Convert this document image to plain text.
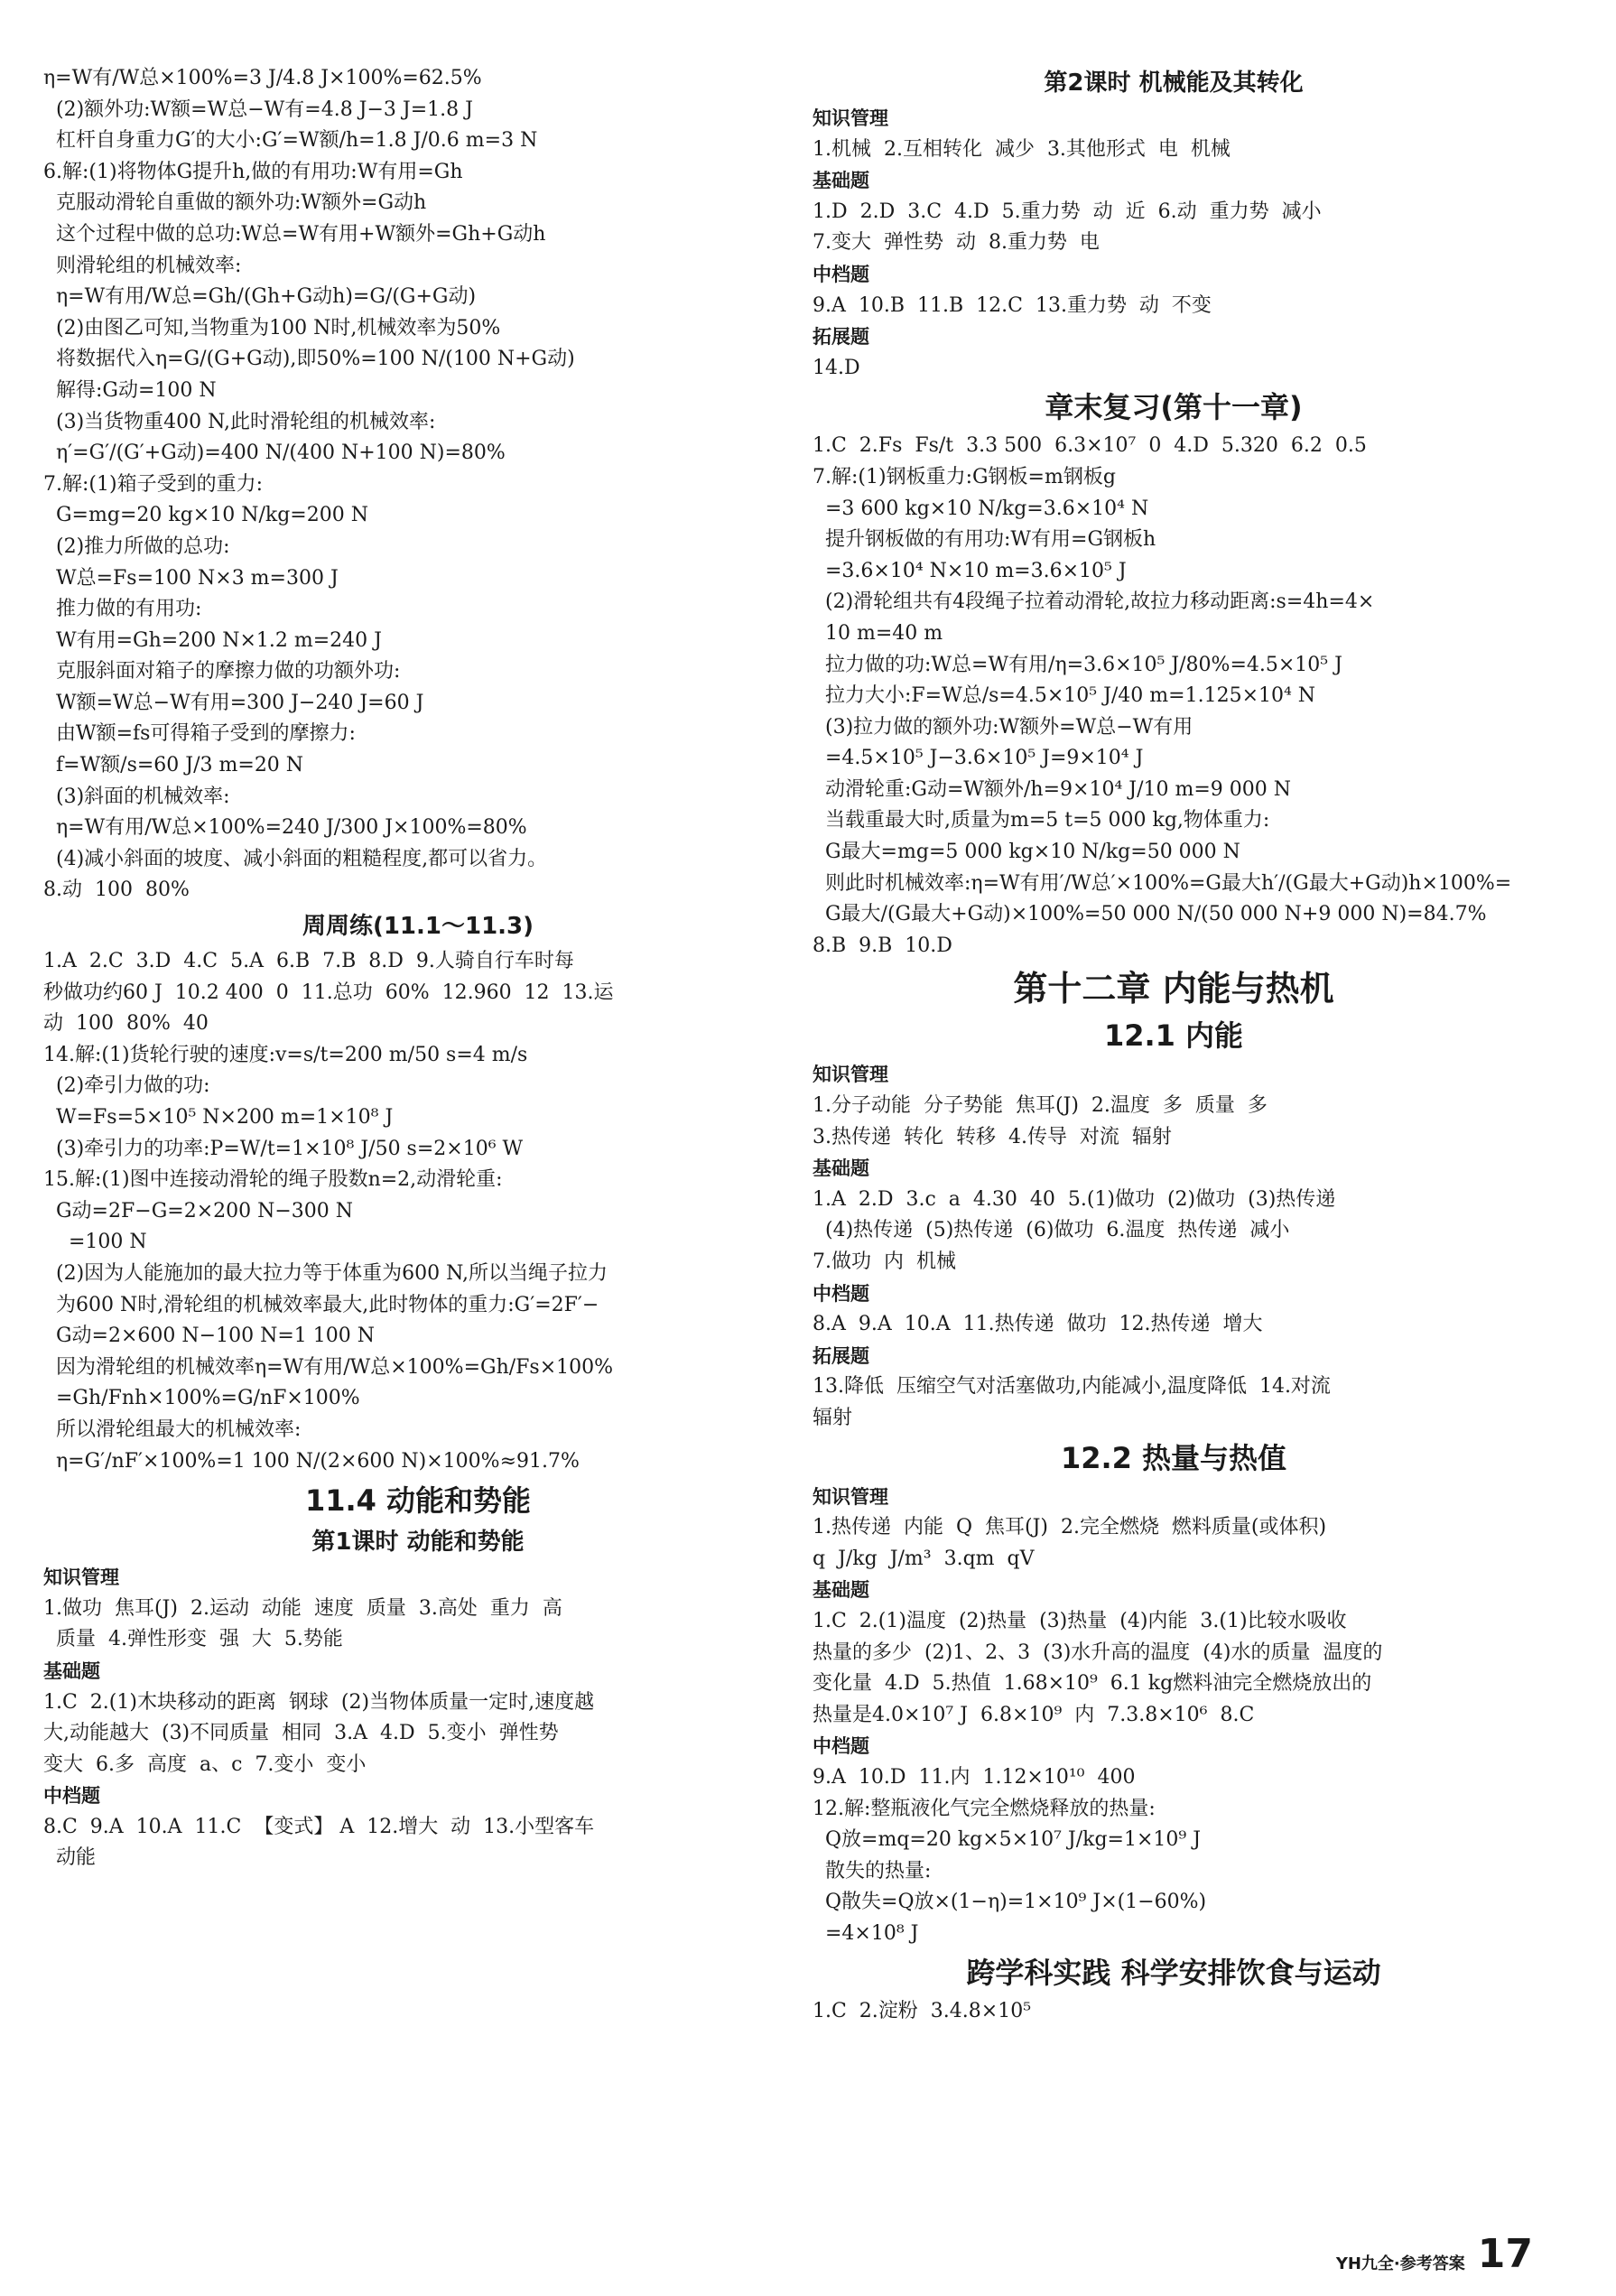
η=W有/W总×100%=3 J/4.8 J×100%=62.5%
(2)额外功:W额=W总−W有=4.8 J−3 J=1.8 J
杠杆自身重力G′的大小:G′=W额/h=1.8 J/0.6 m=3 N
6.解:(1)将物体G提升h,做的有用功:W有用=Gh
克服动滑轮自重做的额外功:W额外=G动h
这个过程中做的总功:W总=W有用+W额外=Gh+G动h
则滑轮组的机械效率:
η=W有用/W总=Gh/(Gh+G动h)=G/(G+G动)
(2)由图乙可知,当物重为100 N时,机械效率为50%
将数据代入η=G/(G+G动),即50%=100 N/(100 N+G动)
解得:G动=100 N
(3)当货物重400 N,此时滑轮组的机械效率:
η′=G′/(G′+G动)=400 N/(400 N+100 N)=80%
7.解:(1)箱子受到的重力:
G=mg=20 kg×10 N/kg=200 N
(2)推力所做的总功:
W总=Fs=100 N×3 m=300 J
推力做的有用功:
W有用=Gh=200 N×1.2 m=240 J
克服斜面对箱子的摩擦力做的功额外功:
W额=W总−W有用=300 J−240 J=60 J
由W额=fs可得箱子受到的摩擦力:
f=W额/s=60 J/3 m=20 N
(3)斜面的机械效率:
η=W有用/W总×100%=240 J/300 J×100%=80%
(4)减小斜面的坡度、减小斜面的粗糙程度,都可以省力。
8.动  100  80%
周周练(11.1～11.3)
1.A  2.C  3.D  4.C  5.A  6.B  7.B  8.D  9.人骑自行车时每
秒做功约60 J  10.2 400  0  11.总功  60%  12.960  12  13.运
动  100  80%  40
14.解:(1)货轮行驶的速度:v=s/t=200 m/50 s=4 m/s
(2)牵引力做的功:
W=Fs=5×10⁵ N×200 m=1×10⁸ J
(3)牵引力的功率:P=W/t=1×10⁸ J/50 s=2×10⁶ W
15.解:(1)图中连接动滑轮的绳子股数n=2,动滑轮重:
G动=2F−G=2×200 N−300 N
=100 N
(2)因为人能施加的最大拉力等于体重为600 N,所以当绳子拉力
为600 N时,滑轮组的机械效率最大,此时物体的重力:G′=2F′−
G动=2×600 N−100 N=1 100 N
因为滑轮组的机械效率η=W有用/W总×100%=Gh/Fs×100%
=Gh/Fnh×100%=G/nF×100%
所以滑轮组最大的机械效率:
η=G′/nF′×100%=1 100 N/(2×600 N)×100%≈91.7%
11.4 动能和势能
第1课时 动能和势能
知识管理
1.做功  焦耳(J)  2.运动  动能  速度  质量  3.高处  重力  高
质量  4.弹性形变  强  大  5.势能
基础题
1.C  2.(1)木块移动的距离  钢球  (2)当物体质量一定时,速度越
大,动能越大  (3)不同质量  相同  3.A  4.D  5.变小  弹性势
变大  6.多  高度  a、c  7.变小  变小
中档题
8.C  9.A  10.A  11.C  【变式】 A  12.增大  动  13.小型客车
动能
第2课时 机械能及其转化
知识管理
1.机械  2.互相转化  减少  3.其他形式  电  机械
基础题
1.D  2.D  3.C  4.D  5.重力势  动  近  6.动  重力势  减小
7.变大  弹性势  动  8.重力势  电
中档题
9.A  10.B  11.B  12.C  13.重力势  动  不变
拓展题
14.D
章末复习(第十一章)
1.C  2.Fs  Fs/t  3.3 500  6.3×10⁷  0  4.D  5.320  6.2  0.5
7.解:(1)钢板重力:G钢板=m钢板g
=3 600 kg×10 N/kg=3.6×10⁴ N
提升钢板做的有用功:W有用=G钢板h
=3.6×10⁴ N×10 m=3.6×10⁵ J
(2)滑轮组共有4段绳子拉着动滑轮,故拉力移动距离:s=4h=4×
10 m=40 m
拉力做的功:W总=W有用/η=3.6×10⁵ J/80%=4.5×10⁵ J
拉力大小:F=W总/s=4.5×10⁵ J/40 m=1.125×10⁴ N
(3)拉力做的额外功:W额外=W总−W有用
=4.5×10⁵ J−3.6×10⁵ J=9×10⁴ J
动滑轮重:G动=W额外/h=9×10⁴ J/10 m=9 000 N
当载重最大时,质量为m=5 t=5 000 kg,物体重力:
G最大=mg=5 000 kg×10 N/kg=50 000 N
则此时机械效率:η=W有用′/W总′×100%=G最大h′/(G最大+G动)h×100%=
G最大/(G最大+G动)×100%=50 000 N/(50 000 N+9 000 N)=84.7%
8.B  9.B  10.D
第十二章 内能与热机
12.1 内能
知识管理
1.分子动能  分子势能  焦耳(J)  2.温度  多  质量  多
3.热传递  转化  转移  4.传导  对流  辐射
基础题
1.A  2.D  3.c  a  4.30  40  5.(1)做功  (2)做功  (3)热传递
(4)热传递  (5)热传递  (6)做功  6.温度  热传递  减小
7.做功  内  机械
中档题
8.A  9.A  10.A  11.热传递  做功  12.热传递  增大
拓展题
13.降低  压缩空气对活塞做功,内能减小,温度降低  14.对流
辐射
12.2 热量与热值
知识管理
1.热传递  内能  Q  焦耳(J)  2.完全燃烧  燃料质量(或体积)
q  J/kg  J/m³  3.qm  qV
基础题
1.C  2.(1)温度  (2)热量  (3)热量  (4)内能  3.(1)比较水吸收
热量的多少  (2)1、2、3  (3)水升高的温度  (4)水的质量  温度的
变化量  4.D  5.热值  1.68×10⁹  6.1 kg燃料油完全燃烧放出的
热量是4.0×10⁷ J  6.8×10⁹  内  7.3.8×10⁶  8.C
中档题
9.A  10.D  11.内  1.12×10¹⁰  400
12.解:整瓶液化气完全燃烧释放的热量:
Q放=mq=20 kg×5×10⁷ J/kg=1×10⁹ J
散失的热量:
Q散失=Q放×(1−η)=1×10⁹ J×(1−60%)
=4×10⁸ J
跨学科实践 科学安排饮食与运动
1.C  2.淀粉  3.4.8×10⁵
YH九全·参考答案 17
